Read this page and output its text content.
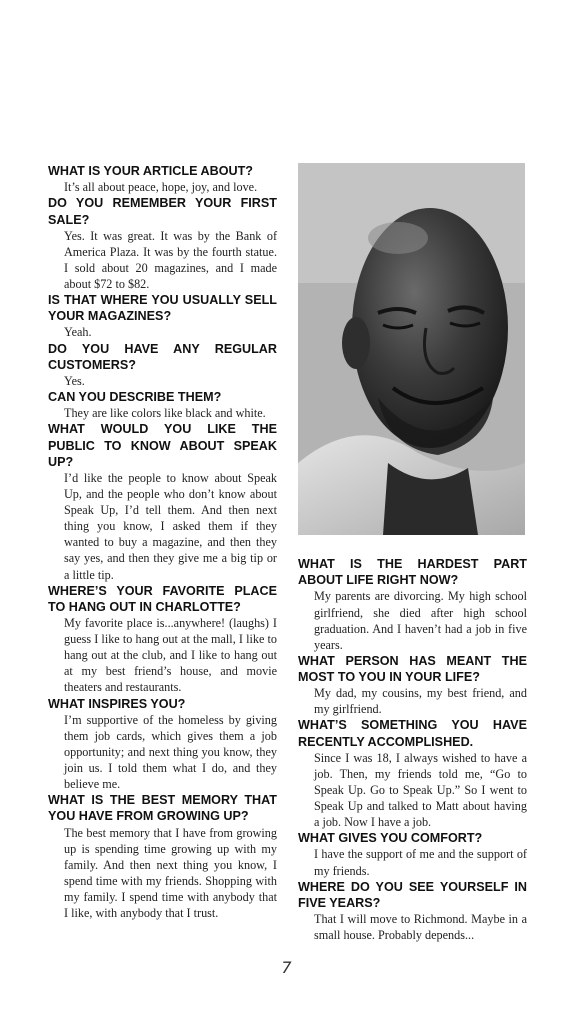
WHAT IS YOUR ARTICLE ABOUT?

It’s all about peace, hope, joy, and love.

DO YOU REMEMBER YOUR FIRST SALE?

Yes. It was great. It was by the Bank of America Plaza. It was by the fourth statue. I sold about 20 magazines, and I made about $72 to $82.

IS THAT WHERE YOU USUALLY SELL YOUR MAGAZINES?

Yeah.

DO YOU HAVE ANY REGULAR CUSTOMERS?

Yes.

CAN YOU DESCRIBE THEM?

They are like colors like black and white.

WHAT WOULD YOU LIKE THE PUBLIC TO KNOW ABOUT SPEAK UP?

I’d like the people to know about Speak Up, and the people who don’t know about Speak Up, I’d tell them. And then next thing you know, I asked them if they wanted to buy a magazine, and then they say yes, and then they give me a big tip or a little tip.

WHERE’S YOUR FAVORITE PLACE TO HANG OUT IN CHARLOTTE?

My favorite place is...anywhere! (laughs) I guess I like to hang out at the mall, I like to hang out at the club, and I like to hang out at my best friend’s house, and movie theaters and restaurants.

WHAT INSPIRES YOU?

I’m supportive of the homeless by giving them job cards, which gives them a job opportunity; and next thing you know, they join us. I told them what I do, and they believe me.

WHAT IS THE BEST MEMORY THAT YOU HAVE FROM GROWING UP?

The best memory that I have from growing up is spending time growing up with my family. And then next thing you know, I spend time with my friends. Shopping with my family. I spend time with anybody that I like, with anybody that I trust.

WHAT IS THE HARDEST PART ABOUT LIFE RIGHT NOW?

My parents are divorcing. My high school girlfriend, she died after high school graduation. And I haven’t had a job in five years.

WHAT PERSON HAS MEANT THE MOST TO YOU IN YOUR LIFE?

My dad, my cousins, my best friend, and my girlfriend.

WHAT’S SOMETHING YOU HAVE RECENTLY ACCOMPLISHED.

Since I was 18, I always wished to have a job. Then, my friends told me, “Go to Speak Up. Go to Speak Up.” So I went to Speak Up and talked to Matt about having a job. Now I have a job.

WHAT GIVES YOU COMFORT?

I have the support of me and the support of my friends.

WHERE DO YOU SEE YOURSELF IN FIVE YEARS?

That I will move to Richmond. Maybe in a small house. Probably depends...

7
